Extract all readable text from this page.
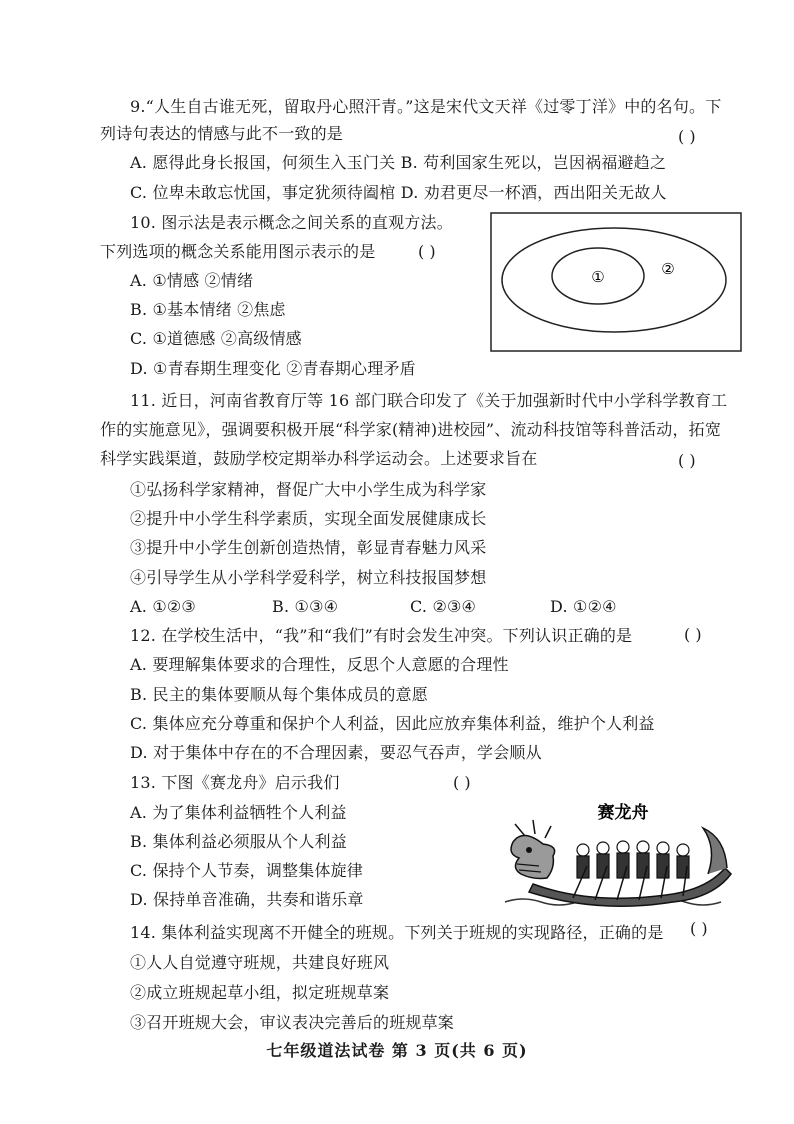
9.“人生自古谁无死，留取丹心照汗青。”这是宋代文天祥《过零丁洋》中的名句。下
列诗句表达的情感与此不一致的是	( )
A. 愿得此身长报国，何须生入玉门关 B. 苟利国家生死以，岂因祸福避趋之
C. 位卑未敢忘忧国，事定犹须待阖棺 D. 劝君更尽一杯酒，西出阳关无故人
10. 图示法是表示概念之间关系的直观方法。
下列选项的概念关系能用图示表示的是	( )
A. ①情感 ②情绪
B. ①基本情绪 ②焦虑
C. ①道德感 ②高级情感
D. ①青春期生理变化 ②青春期心理矛盾
①	②
11. 近日，河南省教育厅等 16 部门联合印发了《关于加强新时代中小学科学教育工
作的实施意见》，强调要积极开展“科学家(精神)进校园”、流动科技馆等科普活动，拓宽
科学实践渠道，鼓励学校定期举办科学运动会。上述要求旨在	( )
①弘扬科学家精神，督促广大中小学生成为科学家
②提升中小学生科学素质，实现全面发展健康成长
③提升中小学生创新创造热情，彰显青春魅力风采
④引导学生从小学科学爱科学，树立科技报国梦想
A. ①②③	B. ①③④	C. ②③④	D. ①②④
12. 在学校生活中，“我”和“我们”有时会发生冲突。下列认识正确的是	( )
A. 要理解集体要求的合理性，反思个人意愿的合理性
B. 民主的集体要顺从每个集体成员的意愿
C. 集体应充分尊重和保护个人利益，因此应放弃集体利益，维护个人利益
D. 对于集体中存在的不合理因素，要忍气吞声，学会顺从
13. 下图《赛龙舟》启示我们	( )
A. 为了集体利益牺牲个人利益
B. 集体利益必须服从个人利益
C. 保持个人节奏，调整集体旋律
D. 保持单音准确，共奏和谐乐章
赛龙舟
14. 集体利益实现离不开健全的班规。下列关于班规的实现路径，正确的是 ( )
①人人自觉遵守班规，共建良好班风
②成立班规起草小组，拟定班规草案
③召开班规大会，审议表决完善后的班规草案
七年级道法试卷 第 3 页(共 6 页)
